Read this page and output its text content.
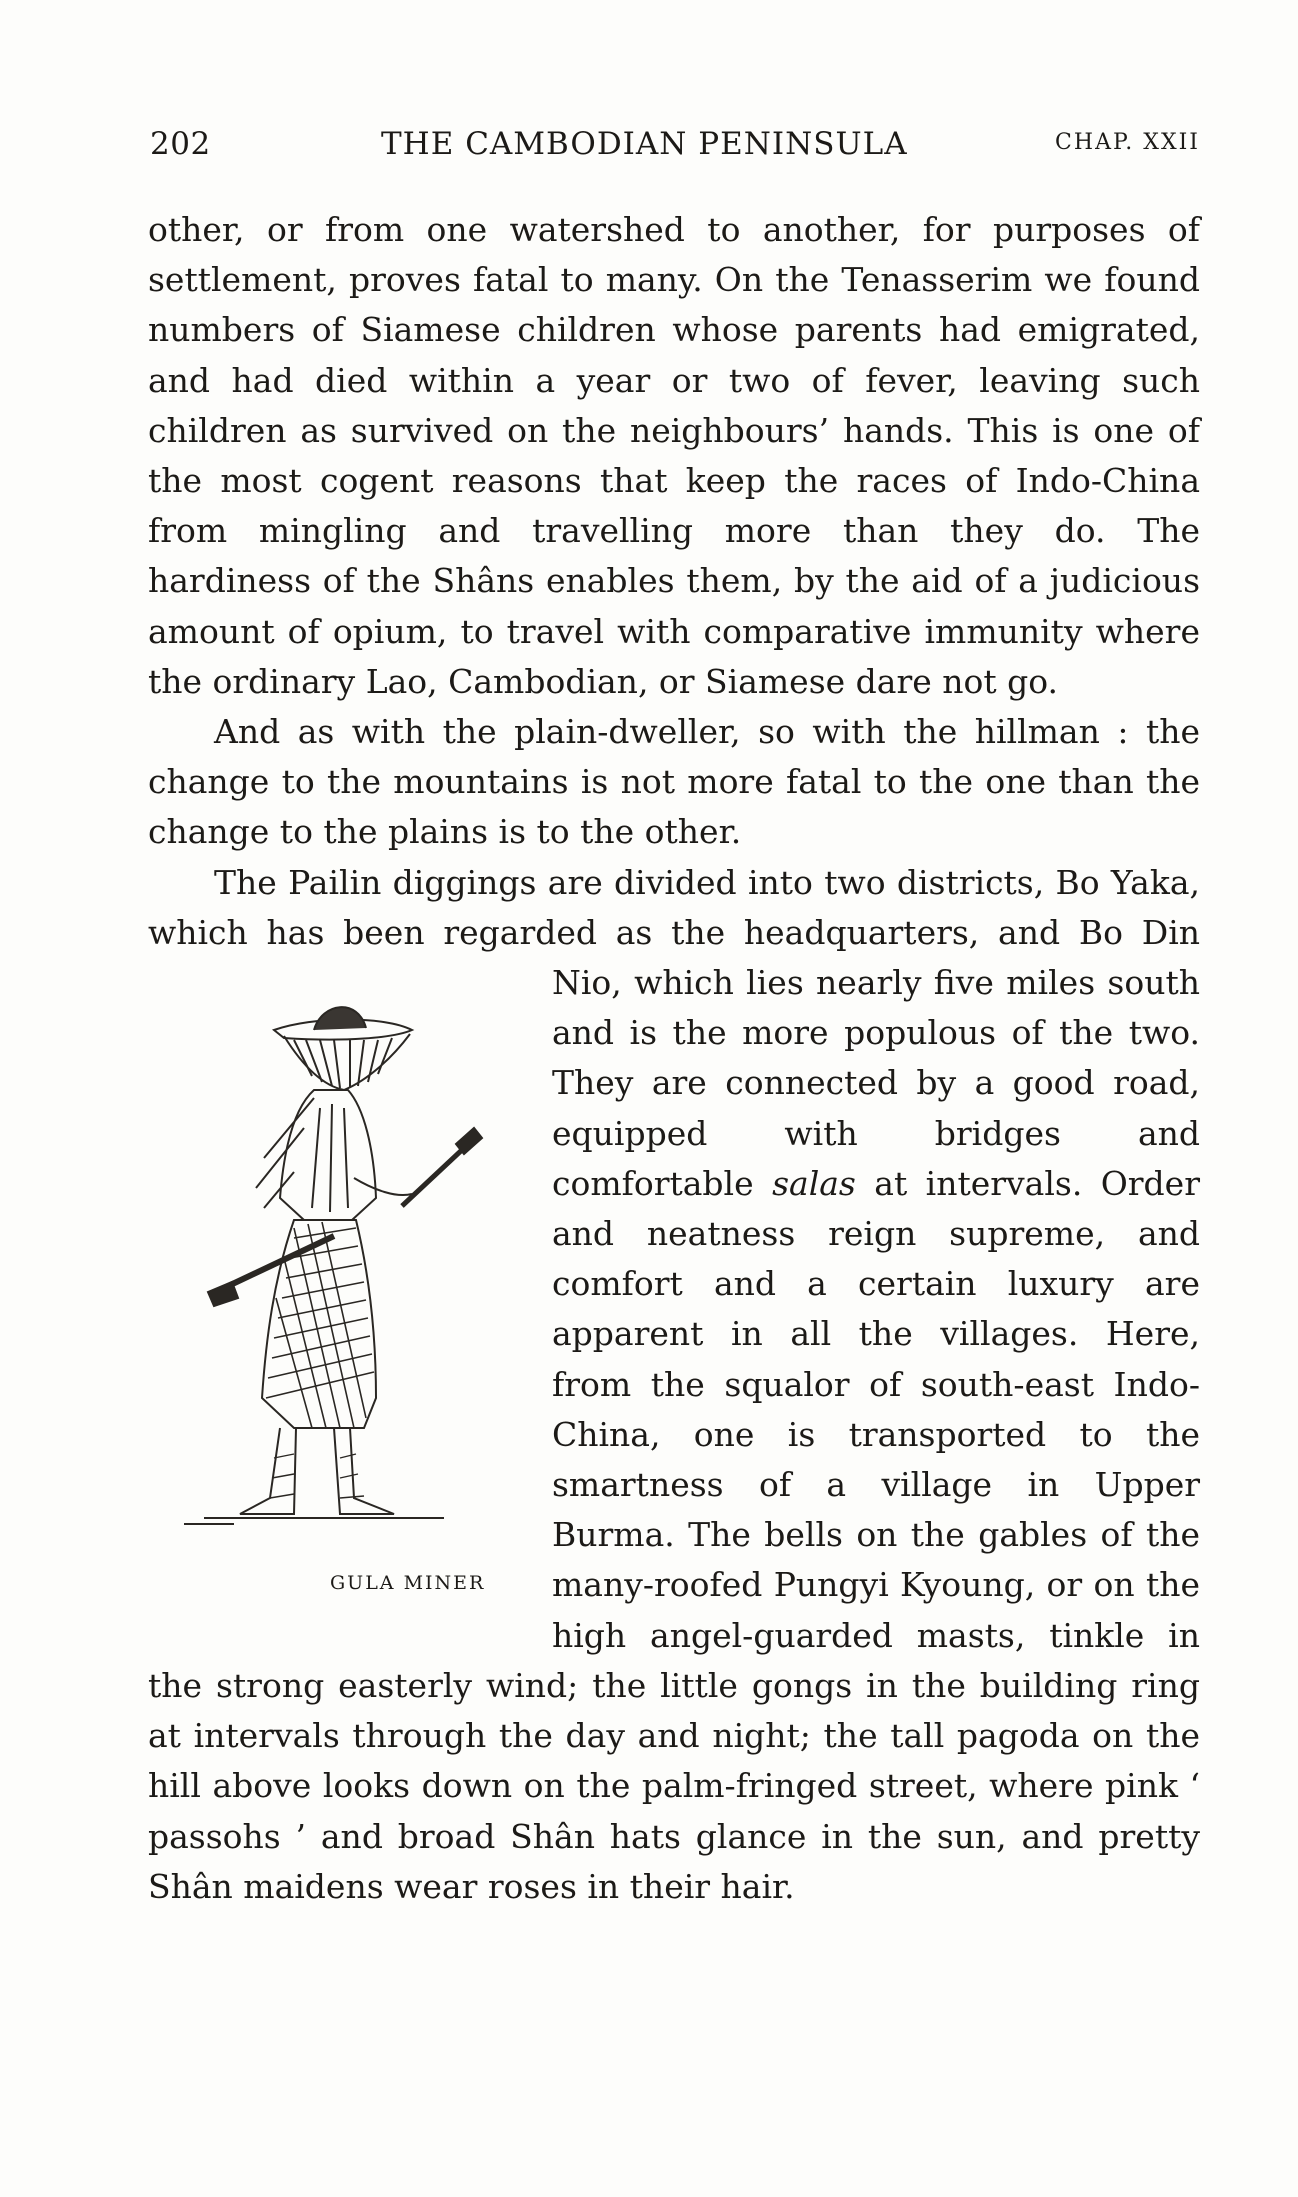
202	THE CAMBODIAN PENINSULA	CHAP. XXII

other, or from one watershed to another, for purposes of settlement, proves fatal to many. On the Tenasserim we found numbers of Siamese children whose parents had emigrated, and had died within a year or two of fever, leaving such children as survived on the neighbours’ hands. This is one of the most cogent reasons that keep the races of Indo-China from mingling and travelling more than they do. The hardiness of the Shâns enables them, by the aid of a judicious amount of opium, to travel with comparative immunity where the ordinary Lao, Cambodian, or Siamese dare not go.

And as with the plain-dweller, so with the hillman : the change to the mountains is not more fatal to the one than the change to the plains is to the other.

The Pailin diggings are divided into two districts, Bo Yaka, which has been regarded as the headquarters, and
GULA MINER
Bo Din Nio, which lies nearly five miles south and is the more populous of the two. They are connected by a good road, equipped with bridges and comfortable salas at intervals. Order and neatness reign supreme, and comfort and a certain luxury are apparent in all the villages. Here, from the squalor of south-east Indo-China, one is transported to the smartness of a village in Upper Burma. The bells on the gables of the many-roofed Pungyi Kyoung, or on the high angel-guarded masts, tinkle in the strong easterly wind; the little gongs in the building ring at intervals through the day and night; the tall pagoda on the hill above looks down on the palm-fringed street, where pink ‘ passohs ’ and broad Shân hats glance in the sun, and pretty Shân maidens wear roses in their hair.
